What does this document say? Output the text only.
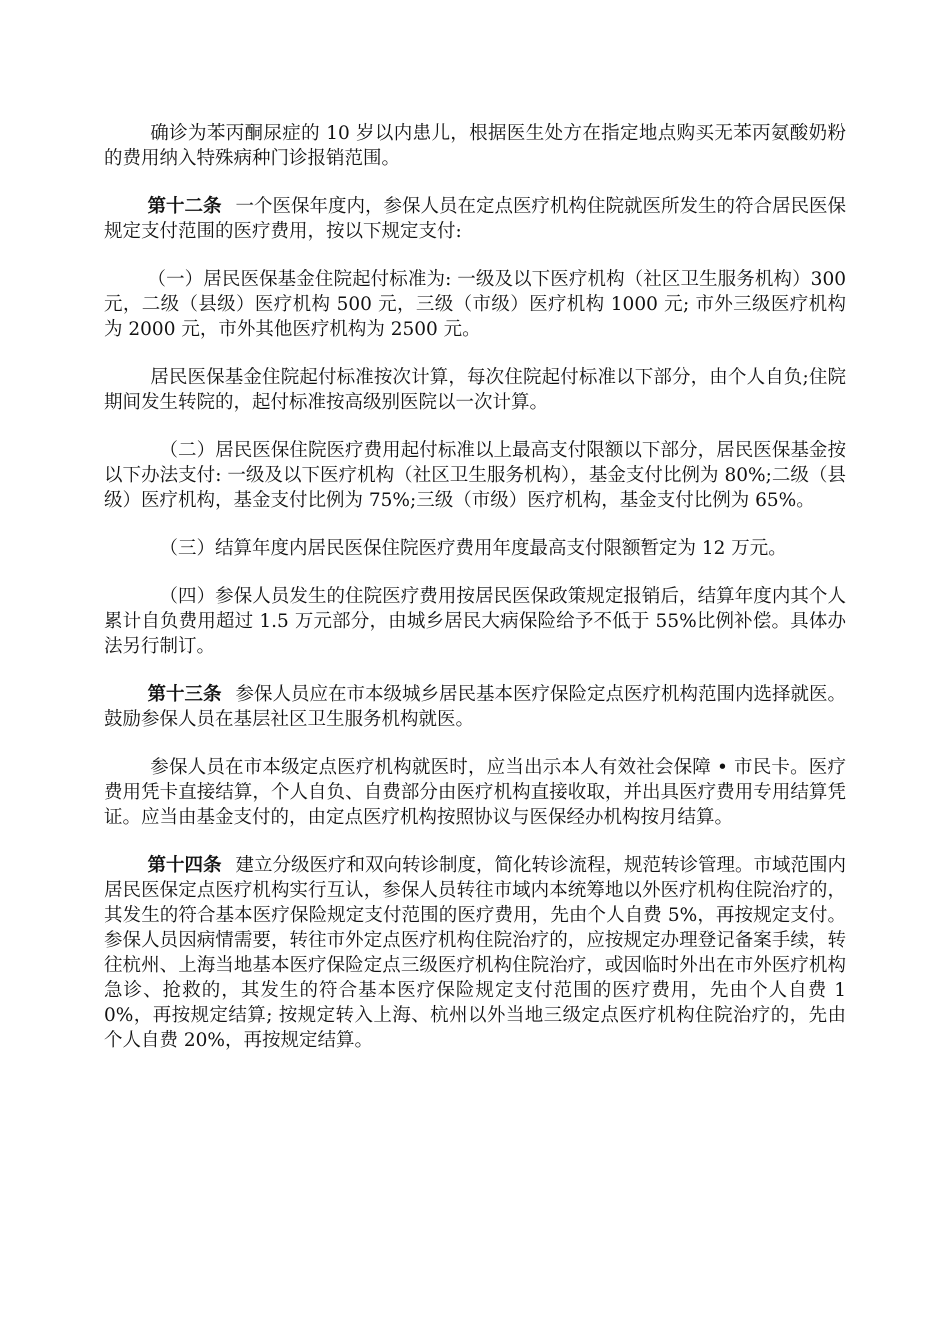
确诊为苯丙酮尿症的 10 岁以内患儿，根据医生处方在指定地点购买无苯丙氨酸奶粉的费用纳入特殊病种门诊报销范围。

第十二条 一个医保年度内，参保人员在定点医疗机构住院就医所发生的符合居民医保规定支付范围的医疗费用，按以下规定支付:

（一）居民医保基金住院起付标准为: 一级及以下医疗机构（社区卫生服务机构）300 元，二级（县级）医疗机构 500 元，三级（市级）医疗机构 1000 元; 市外三级医疗机构为 2000 元，市外其他医疗机构为 2500 元。

居民医保基金住院起付标准按次计算，每次住院起付标准以下部分，由个人自负;住院期间发生转院的，起付标准按高级别医院以一次计算。

（二）居民医保住院医疗费用起付标准以上最高支付限额以下部分，居民医保基金按以下办法支付: 一级及以下医疗机构（社区卫生服务机构），基金支付比例为 80%;二级（县级）医疗机构，基金支付比例为 75%;三级（市级）医疗机构，基金支付比例为 65%。

（三）结算年度内居民医保住院医疗费用年度最高支付限额暂定为 12 万元。

（四）参保人员发生的住院医疗费用按居民医保政策规定报销后，结算年度内其个人累计自负费用超过 1.5 万元部分，由城乡居民大病保险给予不低于 55%比例补偿。具体办法另行制订。

第十三条 参保人员应在市本级城乡居民基本医疗保险定点医疗机构范围内选择就医。鼓励参保人员在基层社区卫生服务机构就医。

参保人员在市本级定点医疗机构就医时，应当出示本人有效社会保障 • 市民卡。医疗费用凭卡直接结算，个人自负、自费部分由医疗机构直接收取，并出具医疗费用专用结算凭证。应当由基金支付的，由定点医疗机构按照协议与医保经办机构按月结算。

第十四条 建立分级医疗和双向转诊制度，简化转诊流程，规范转诊管理。市域范围内居民医保定点医疗机构实行互认，参保人员转往市域内本统筹地以外医疗机构住院治疗的，其发生的符合基本医疗保险规定支付范围的医疗费用，先由个人自费 5%，再按规定支付。参保人员因病情需要，转往市外定点医疗机构住院治疗的，应按规定办理登记备案手续，转往杭州、上海当地基本医疗保险定点三级医疗机构住院治疗，或因临时外出在市外医疗机构急诊、抢救的，其发生的符合基本医疗保险规定支付范围的医疗费用，先由个人自费 10%，再按规定结算; 按规定转入上海、杭州以外当地三级定点医疗机构住院治疗的，先由个人自费 20%，再按规定结算。
